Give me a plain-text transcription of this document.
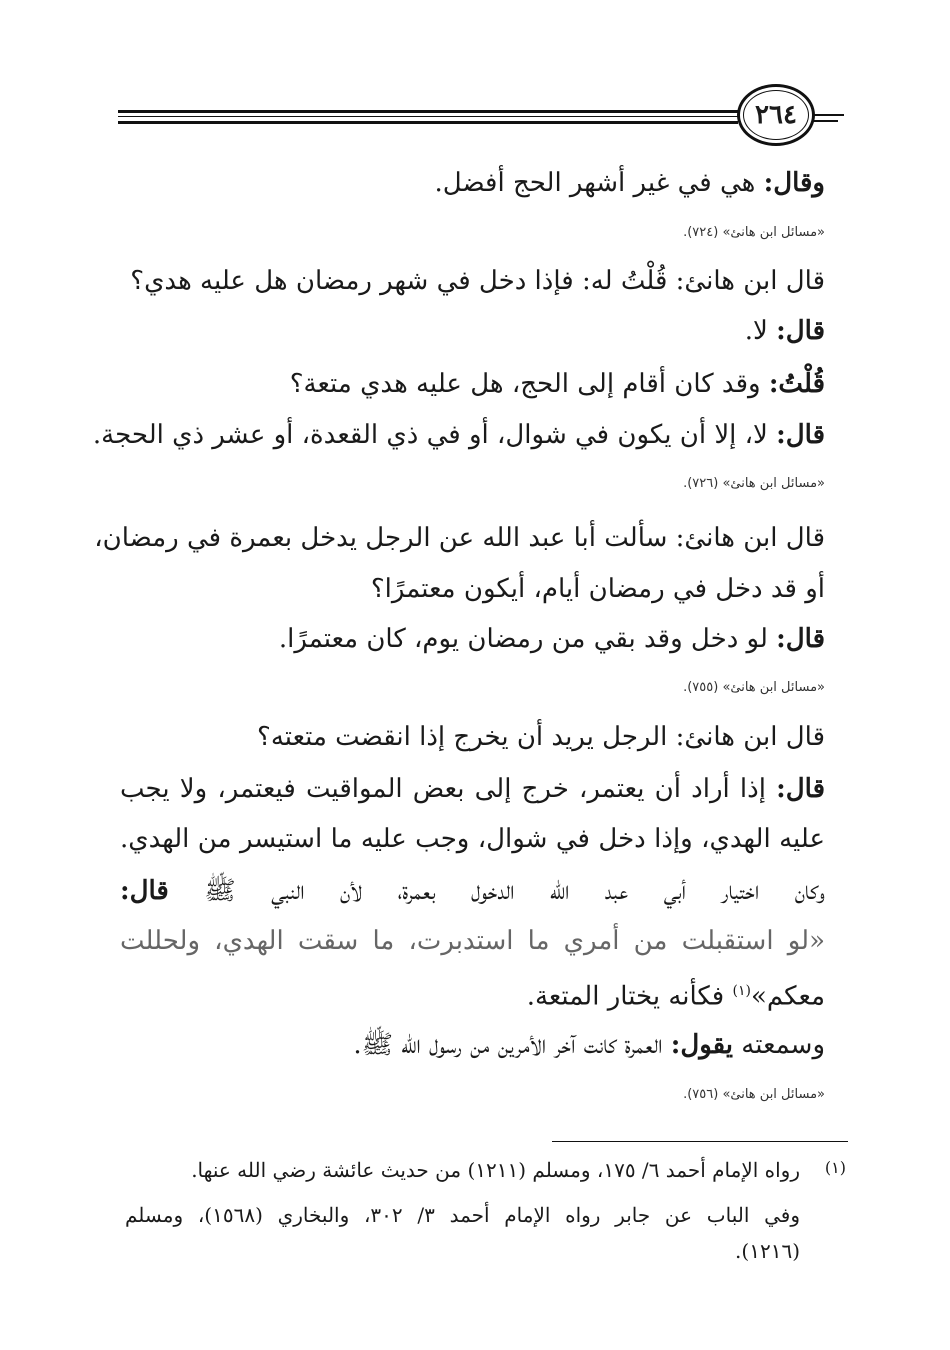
٢٦٤
وقال: هي في غير أشهر الحج أفضل.
«مسائل ابن هانئ» (٧٢٤).
قال ابن هانئ: قُلْتُ له: فإذا دخل في شهر رمضان هل عليه هدي؟
قال: لا.
قُلْتُ: وقد كان أقام إلى الحج، هل عليه هدي متعة؟
قال: لا، إلا أن يكون في شوال، أو في ذي القعدة، أو عشر ذي الحجة.
«مسائل ابن هانئ» (٧٢٦).
قال ابن هانئ: سألت أبا عبد الله عن الرجل يدخل بعمرة في رمضان،
أو قد دخل في رمضان أيام، أيكون معتمرًا؟
قال: لو دخل وقد بقي من رمضان يوم، كان معتمرًا.
«مسائل ابن هانئ» (٧٥٥).
قال ابن هانئ: الرجل يريد أن يخرج إذا انقضت متعته؟
قال: إذا أراد أن يعتمر، خرج إلى بعض المواقيت فيعتمر، ولا يجب
عليه الهدي، وإذا دخل في شوال، وجب عليه ما استيسر من الهدي.
وكان اختيار أبي عبد الله الدخول بعمرة، لأن النبي ﷺ قال:
«لو استقبلت من أمري ما استدبرت، ما سقت الهدي، ولحللت
معكم»$^{(١)}$ فكأنه يختار المتعة.
وسمعته يقول: العمرة كانت آخر الأمرين من رسول الله ﷺ.
«مسائل ابن هانئ» (٧٥٦).
(١)
رواه الإمام أحمد ٦/ ١٧٥، ومسلم (١٢١١) من حديث عائشة رضي الله عنها.
وفي الباب عن جابر رواه الإمام أحمد ٣/ ٣٠٢، والبخاري (١٥٦٨)، ومسلم
(١٢١٦).
